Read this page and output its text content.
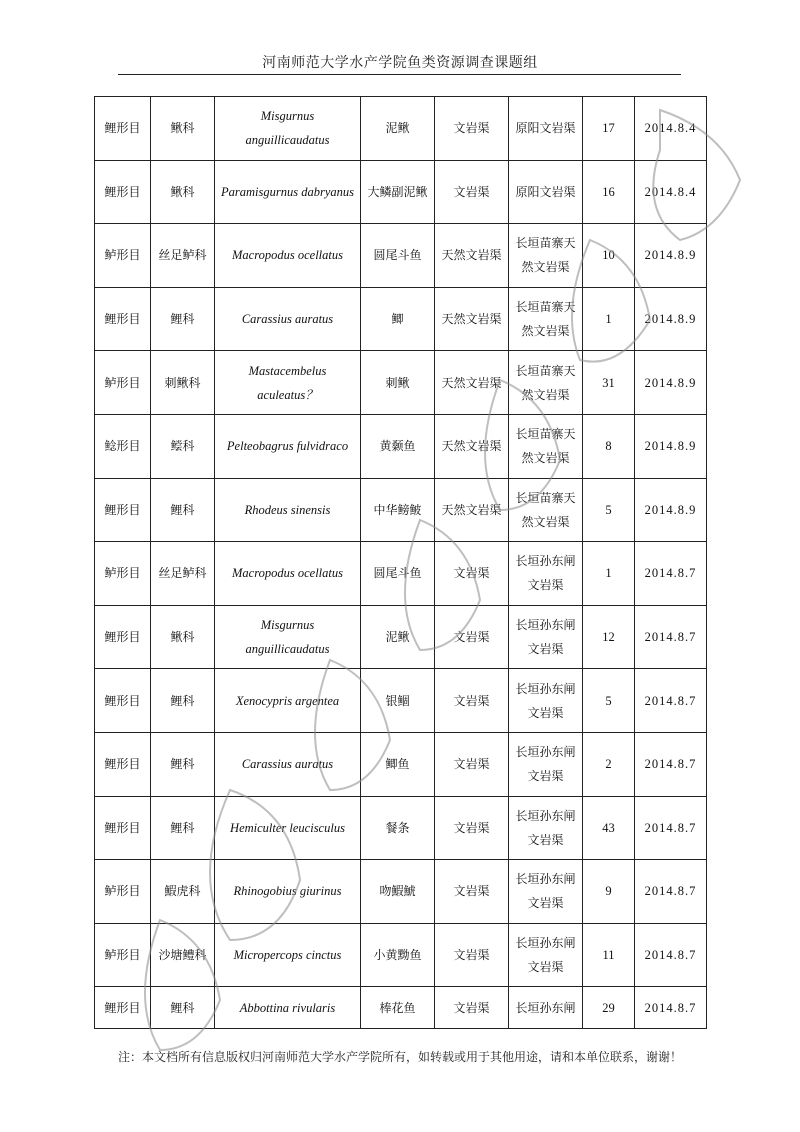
河南师范大学水产学院鱼类资源调查课题组
鲤形目	鳅科	Misgurnus anguillicaudatus	泥鳅	文岩渠	原阳文岩渠	17	2014.8.4
鲤形目	鳅科	Paramisgurnus dabryanus	大鳞副泥鳅	文岩渠	原阳文岩渠	16	2014.8.4
鲈形目	丝足鲈科	Macropodus ocellatus	圆尾斗鱼	天然文岩渠	长垣苗寨天然文岩渠	10	2014.8.9
鲤形目	鲤科	Carassius auratus	鲫	天然文岩渠	长垣苗寨天然文岩渠	1	2014.8.9
鲈形目	刺鳅科	Mastacembelus aculeatus？	刺鳅	天然文岩渠	长垣苗寨天然文岩渠	31	2014.8.9
鲶形目	鲿科	Pelteobagrus fulvidraco	黄颡鱼	天然文岩渠	长垣苗寨天然文岩渠	8	2014.8.9
鲤形目	鲤科	Rhodeus sinensis	中华鳑鲏	天然文岩渠	长垣苗寨天然文岩渠	5	2014.8.9
鲈形目	丝足鲈科	Macropodus ocellatus	圆尾斗鱼	文岩渠	长垣孙东闸文岩渠	1	2014.8.7
鲤形目	鳅科	Misgurnus anguillicaudatus	泥鳅	文岩渠	长垣孙东闸文岩渠	12	2014.8.7
鲤形目	鲤科	Xenocypris argentea	银鲴	文岩渠	长垣孙东闸文岩渠	5	2014.8.7
鲤形目	鲤科	Carassius auratus	鲫鱼	文岩渠	长垣孙东闸文岩渠	2	2014.8.7
鲤形目	鲤科	Hemiculter leucisculus	餐条	文岩渠	长垣孙东闸文岩渠	43	2014.8.7
鲈形目	鰕虎科	Rhinogobius giurinus	吻鰕鯱	文岩渠	长垣孙东闸文岩渠	9	2014.8.7
鲈形目	沙塘鳢科	Micropercops cinctus	小黄黝鱼	文岩渠	长垣孙东闸文岩渠	11	2014.8.7
鲤形目	鲤科	Abbottina rivularis	棒花鱼	文岩渠	长垣孙东闸	29	2014.8.7
注：本文档所有信息版权归河南师范大学水产学院所有，如转载或用于其他用途，请和本单位联系，谢谢！
